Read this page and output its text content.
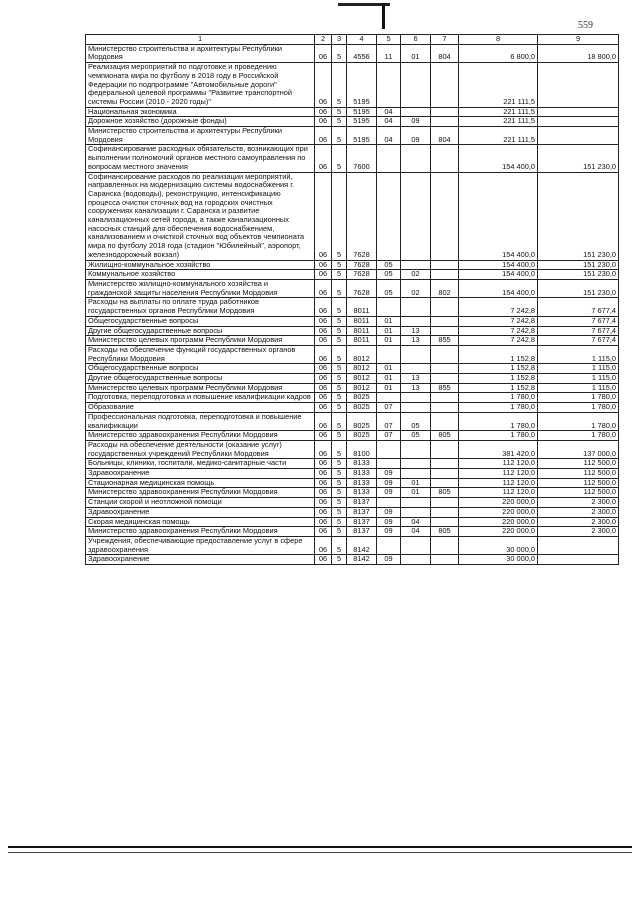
559
1	2	3	4	5	6	7	8	9
Министерство строительства и архитектуры Республики Мордовия	06	5	4556	11	01	804	6 800,0	18 800,0
Реализация мероприятий по подготовке и проведению чемпионата мира по футболу в 2018 году в Российской Федерации по подпрограмме "Автомобильные дороги" федеральной целевой программы "Развитие транспортной системы России (2010 - 2020 годы)"	06	5	5195				221 111,5	
Национальная экономика	06	5	5195	04			221 111,5	
Дорожное хозяйство (дорожные фонды)	06	5	5195	04	09		221 111,5	
Министерство строительства и архитектуры Республики Мордовия	06	5	5195	04	09	804	221 111,5	
Софинансирование расходных обязательств, возникающих при выполнении полномочий органов местного самоуправления по вопросам местного значения	06	5	7600				154 400,0	151 230,0
Софинансирование расходов по реализации мероприятий, направленных на модернизацию системы водоснабжения г. Саранска (водоводы), реконструкцию, интенсификацию процесса очистки сточных вод на городских очистных сооружениях канализации г. Саранска и развитие канализационных сетей города, а также канализационных насосных станций для обеспечения водоснабжением, канализованием и очисткой сточных вод объектов чемпионата мира по футболу 2018 года (стадион "Юбилейный", аэропорт, железнодорожный вокзал)	06	5	7628				154 400,0	151 230,0
Жилищно-коммунальное хозяйство	06	5	7628	05			154 400,0	151 230,0
Коммунальное хозяйство	06	5	7628	05	02		154 400,0	151 230,0
Министерство жилищно-коммунального хозяйства и гражданской защиты населения Республики Мордовия	06	5	7628	05	02	802	154 400,0	151 230,0
Расходы на выплаты по оплате труда работников государственных органов Республики Мордовия	06	5	8011				7 242,8	7 677,4
Общегосударственные вопросы	06	5	8011	01			7 242,8	7 677,4
Другие общегосударственные вопросы	06	5	8011	01	13		7 242,8	7 677,4
Министерство целевых программ Республики Мордовия	06	5	8011	01	13	855	7 242,8	7 677,4
Расходы на обеспечение функций государственных органов Республики Мордовия	06	5	8012				1 152,8	1 115,0
Общегосударственные вопросы	06	5	8012	01			1 152,8	1 115,0
Другие общегосударственные вопросы	06	5	8012	01	13		1 152,8	1 115,0
Министерство целевых программ Республики Мордовия	06	5	8012	01	13	855	1 152,8	1 115,0
Подготовка, переподготовка и повышение квалификации кадров	06	5	8025				1 780,0	1 780,0
Образование	06	5	8025	07			1 780,0	1 780,0
Профессиональная подготовка, переподготовка и повышение квалификации	06	5	8025	07	05		1 780,0	1 780,0
Министерство здравоохранения Республики Мордовия	06	5	8025	07	05	805	1 780,0	1 780,0
Расходы на обеспечение деятельности (оказание услуг) государственных учреждений Республики Мордовия	06	5	8100				381 420,0	137 000,0
Больницы, клиники, госпитали, медико-санитарные части	06	5	8133				112 120,0	112 500,0
Здравоохранение	06	5	8133	09			112 120,0	112 500,0
Стационарная медицинская помощь	06	5	8133	09	01		112 120,0	112 500,0
Министерство здравоохранения Республики Мордовия	06	5	8133	09	01	805	112 120,0	112 500,0
Станции скорой и неотложной помощи	06	5	8137				220 000,0	2 300,0
Здравоохранение	06	5	8137	09			220 000,0	2 300,0
Скорая медицинская помощь	06	5	8137	09	04		220 000,0	2 300,0
Министерство здравоохранения Республики Мордовия	06	5	8137	09	04	805	220 000,0	2 300,0
Учреждения, обеспечивающие предоставление услуг в сфере здравоохранения	06	5	8142				30 000,0	
Здравоохранение	06	5	8142	09			30 000,0	
